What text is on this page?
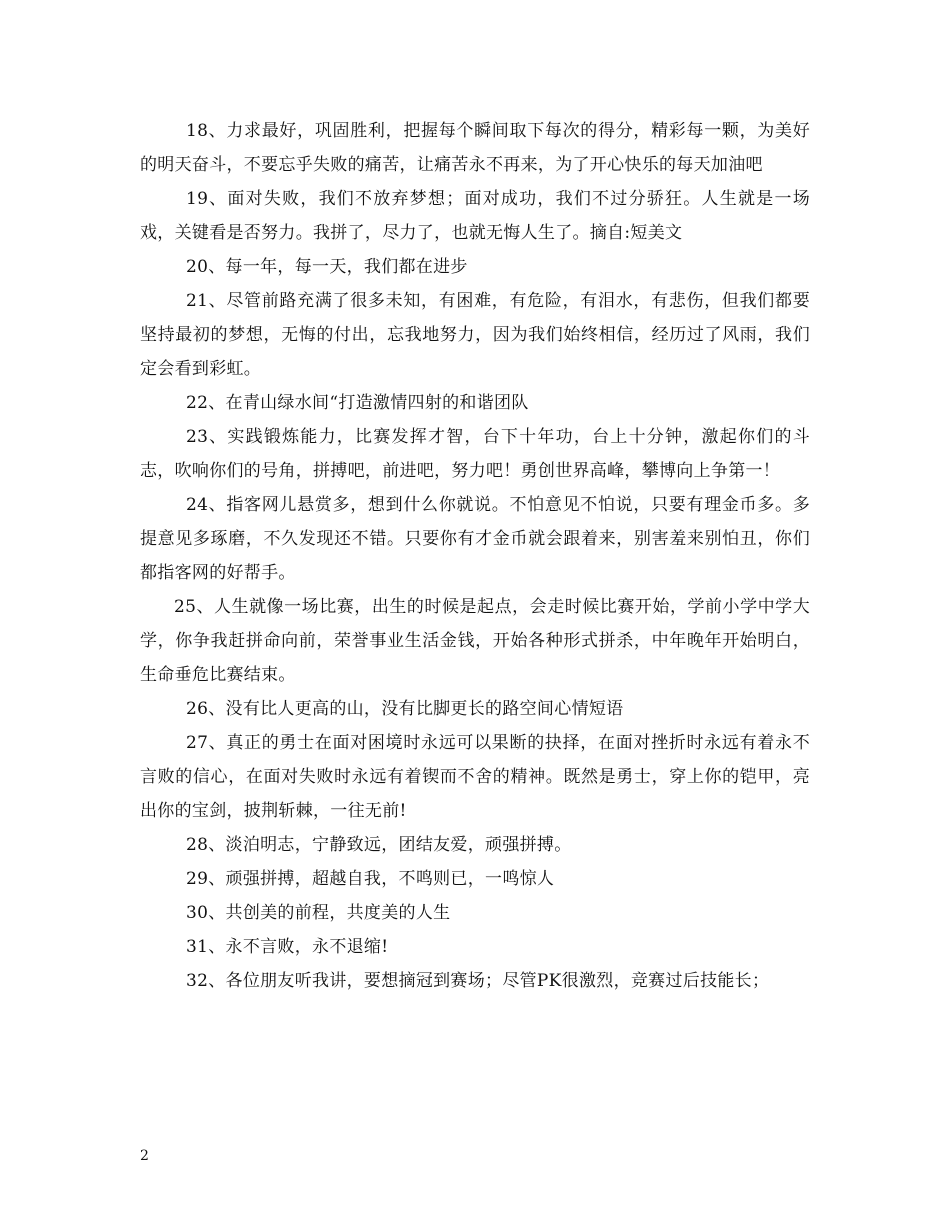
18、力求最好，巩固胜利，把握每个瞬间取下每次的得分，精彩每一颗，为美好的明天奋斗，不要忘乎失败的痛苦，让痛苦永不再来，为了开心快乐的每天加油吧

19、面对失败，我们不放弃梦想；面对成功，我们不过分骄狂。人生就是一场戏，关键看是否努力。我拼了，尽力了，也就无悔人生了。摘自:短美文

20、每一年，每一天，我们都在进步

21、尽管前路充满了很多未知，有困难，有危险，有泪水，有悲伤，但我们都要坚持最初的梦想，无悔的付出，忘我地努力，因为我们始终相信，经历过了风雨，我们定会看到彩虹。

22、在青山绿水间“打造激情四射的和谐团队

23、实践锻炼能力，比赛发挥才智，台下十年功，台上十分钟，激起你们的斗志，吹响你们的号角，拼搏吧，前进吧，努力吧！勇创世界高峰，攀博向上争第一！

24、指客网儿悬赏多，想到什么你就说。不怕意见不怕说，只要有理金币多。多提意见多琢磨，不久发现还不错。只要你有才金币就会跟着来，别害羞来别怕丑，你们都指客网的好帮手。

25、人生就像一场比赛，出生的时候是起点，会走时候比赛开始，学前小学中学大学，你争我赶拼命向前，荣誉事业生活金钱，开始各种形式拼杀，中年晚年开始明白，生命垂危比赛结束。

26、没有比人更高的山，没有比脚更长的路空间心情短语

27、真正的勇士在面对困境时永远可以果断的抉择，在面对挫折时永远有着永不言败的信心，在面对失败时永远有着锲而不舍的精神。既然是勇士，穿上你的铠甲，亮出你的宝剑，披荆斩棘，一往无前!

28、淡泊明志，宁静致远，团结友爱，顽强拼搏。

29、顽强拼搏，超越自我，不鸣则已，一鸣惊人

30、共创美的前程，共度美的人生

31、永不言败，永不退缩!

32、各位朋友听我讲，要想摘冠到赛场；尽管PK很激烈，竞赛过后技能长；

2
